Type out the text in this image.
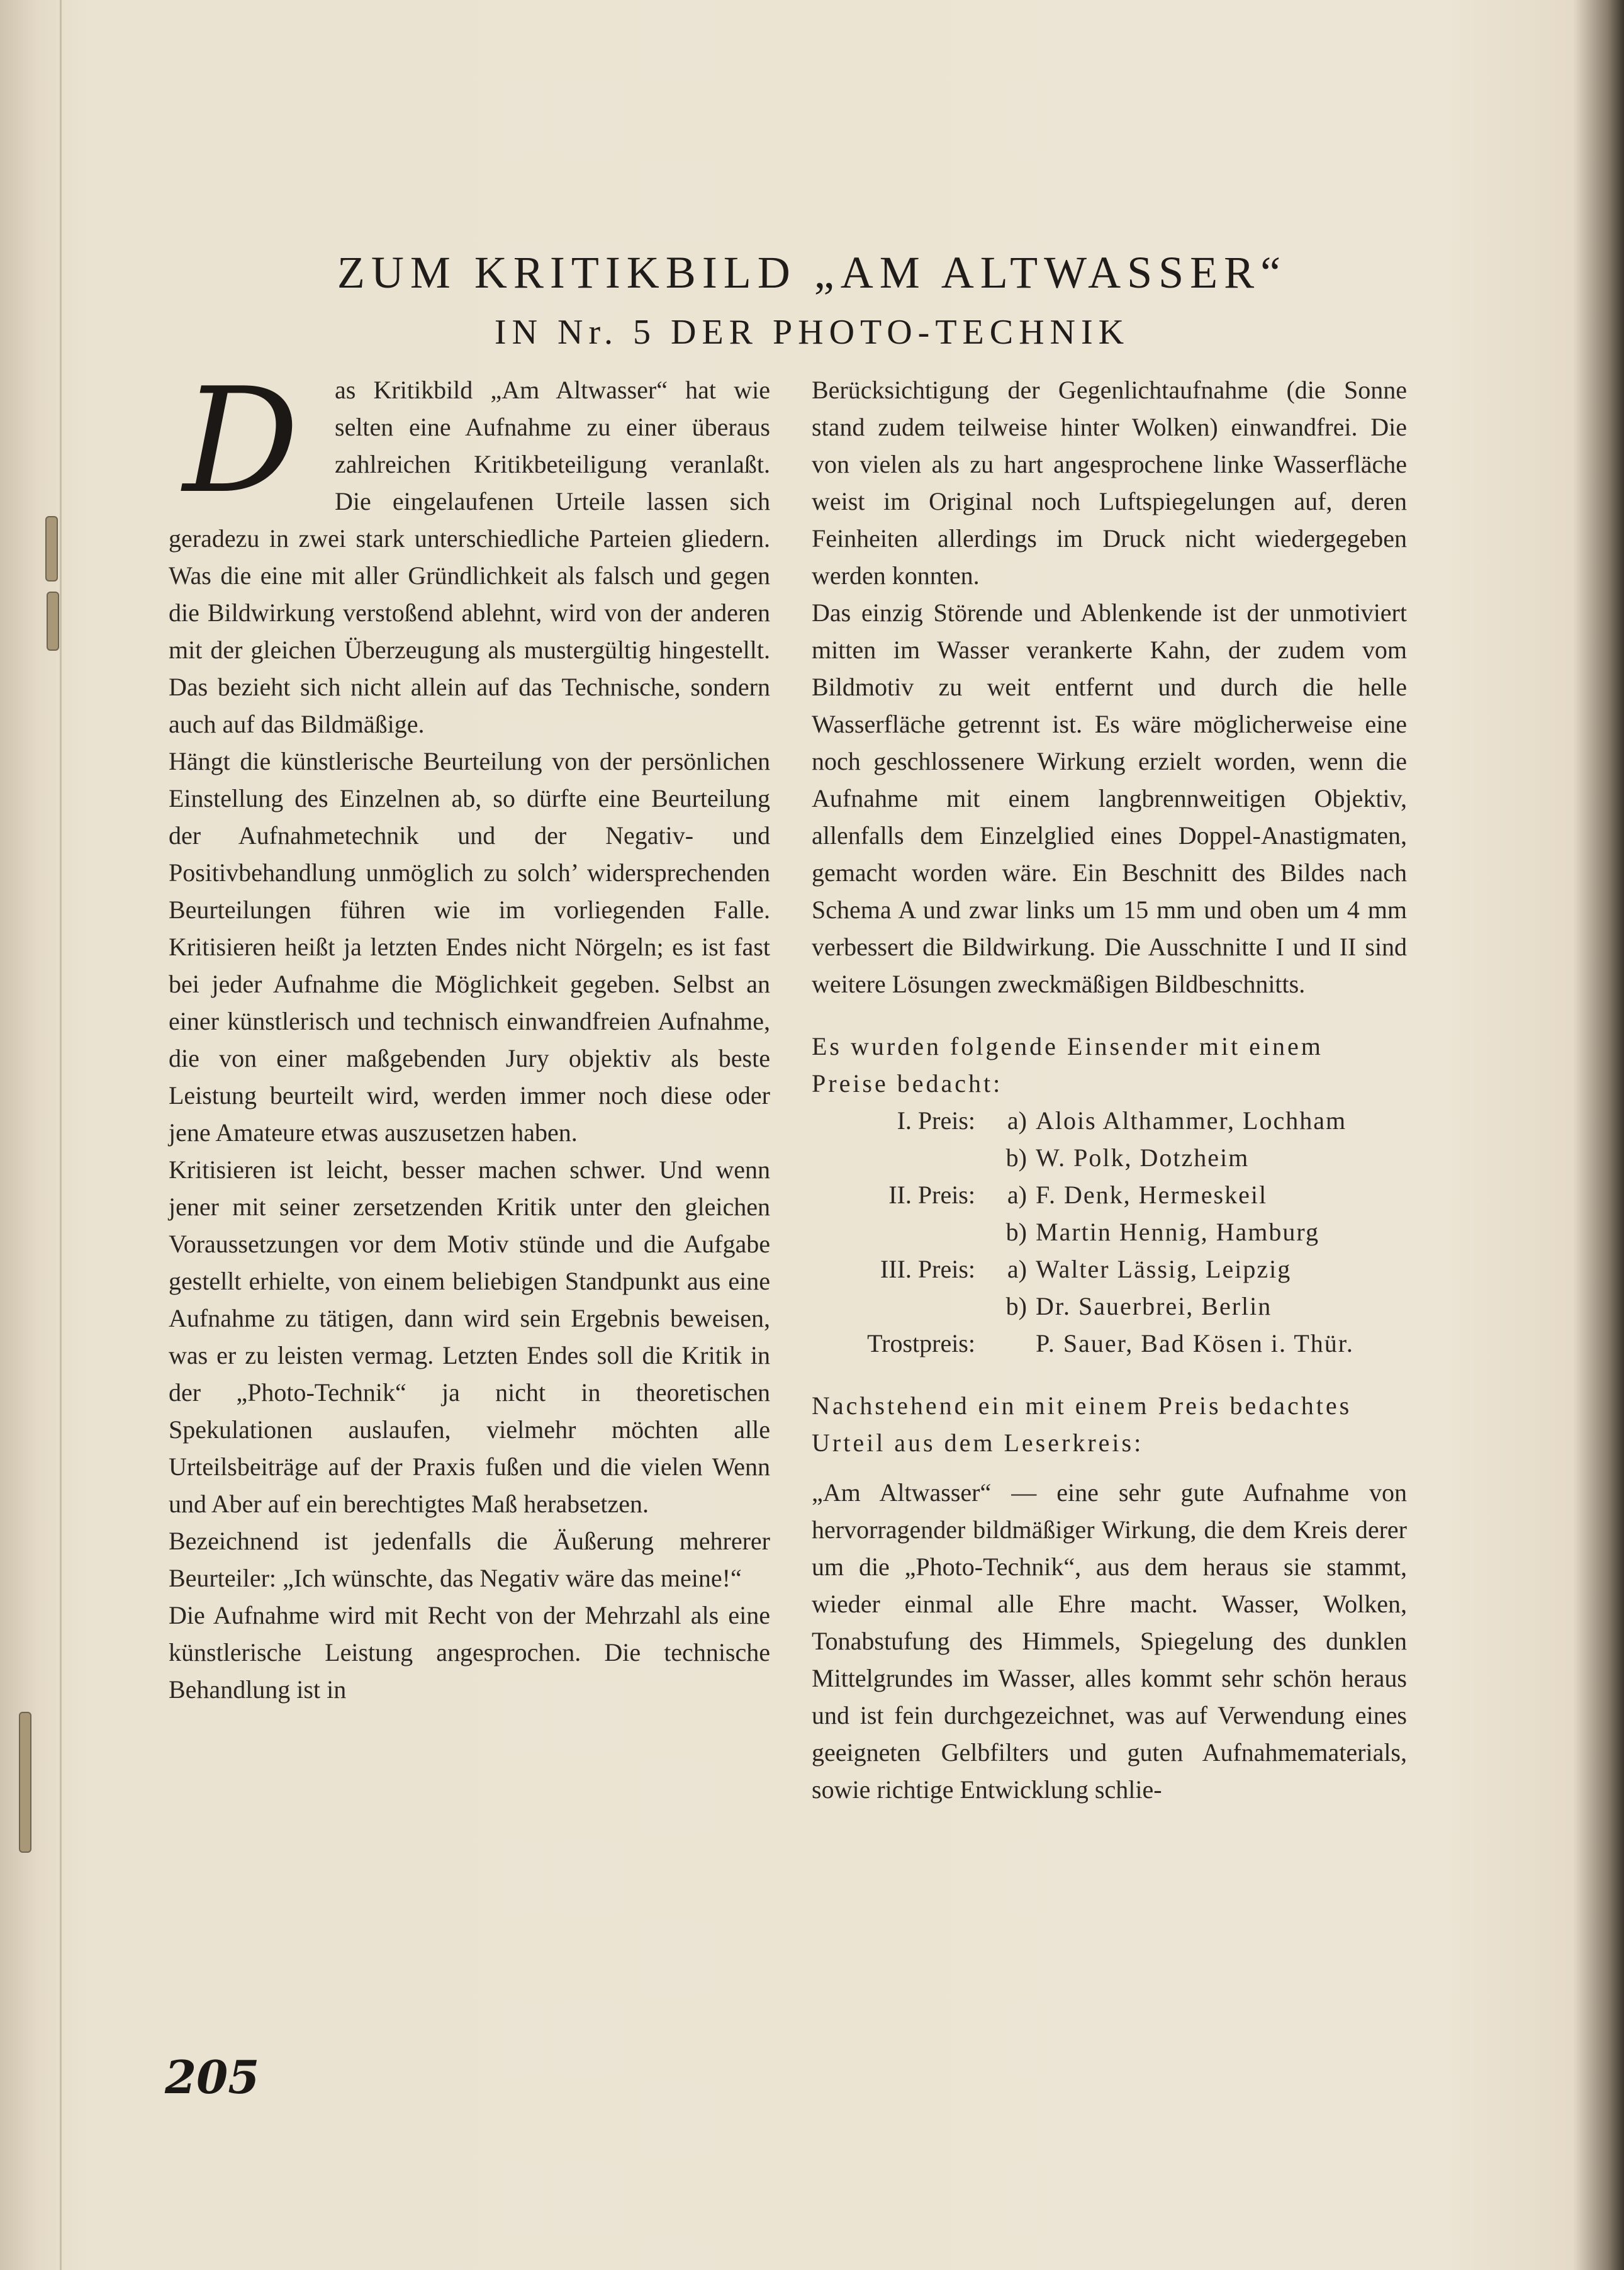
ZUM KRITIKBILD „AM ALTWASSER“
IN Nr. 5 DER PHOTO-TECHNIK

D	as Kritikbild „Am Altwasser“ hat wie selten eine Aufnahme zu einer überaus zahlreichen Kritikbeteiligung veranlaßt. Die eingelaufenen Urteile lassen sich geradezu in zwei stark unterschiedliche Parteien gliedern. Was die eine mit aller Gründlichkeit als falsch und gegen die Bildwirkung verstoßend ablehnt, wird von der anderen mit der gleichen Überzeugung als mustergültig hingestellt. Das bezieht sich nicht allein auf das Technische, sondern auch auf das Bildmäßige.

Hängt die künstlerische Beurteilung von der persönlichen Einstellung des Einzelnen ab, so dürfte eine Beurteilung der Aufnahmetechnik und der Negativ- und Positivbehandlung unmöglich zu solch’ widersprechenden Beurteilungen führen wie im vorliegenden Falle. Kritisieren heißt ja letzten Endes nicht Nörgeln; es ist fast bei jeder Aufnahme die Möglichkeit gegeben. Selbst an einer künstlerisch und technisch einwandfreien Aufnahme, die von einer maßgebenden Jury objektiv als beste Leistung beurteilt wird, werden immer noch diese oder jene Amateure etwas auszusetzen haben.

Kritisieren ist leicht, besser machen schwer. Und wenn jener mit seiner zersetzenden Kritik unter den gleichen Voraussetzungen vor dem Motiv stünde und die Aufgabe gestellt erhielte, von einem beliebigen Standpunkt aus eine Aufnahme zu tätigen, dann wird sein Ergebnis beweisen, was er zu leisten vermag. Letzten Endes soll die Kritik in der „Photo-Technik“ ja nicht in theoretischen Spekulationen auslaufen, vielmehr möchten alle Urteilsbeiträge auf der Praxis fußen und die vielen Wenn und Aber auf ein berechtigtes Maß herabsetzen.

Bezeichnend ist jedenfalls die Äußerung mehrerer Beurteiler: „Ich wünschte, das Negativ wäre das meine!“

Die Aufnahme wird mit Recht von der Mehrzahl als eine künstlerische Leistung angesprochen. Die technische Behandlung ist in

Berücksichtigung der Gegenlichtaufnahme (die Sonne stand zudem teilweise hinter Wolken) einwandfrei. Die von vielen als zu hart angesprochene linke Wasserfläche weist im Original noch Luftspiegelungen auf, deren Feinheiten allerdings im Druck nicht wiedergegeben werden konnten.

Das einzig Störende und Ablenkende ist der unmotiviert mitten im Wasser verankerte Kahn, der zudem vom Bildmotiv zu weit entfernt und durch die helle Wasserfläche getrennt ist. Es wäre möglicherweise eine noch geschlossenere Wirkung erzielt worden, wenn die Aufnahme mit einem langbrennweitigen Objektiv, allenfalls dem Einzelglied eines Doppel-Anastigmaten, gemacht worden wäre. Ein Beschnitt des Bildes nach Schema A und zwar links um 15 mm und oben um 4 mm verbessert die Bildwirkung. Die Ausschnitte I und II sind weitere Lösungen zweckmäßigen Bildbeschnitts.

Es wurden folgende Einsender mit einem Preise bedacht:

I. Preis:	a)	Alois Althammer, Lochham
	b)	W. Polk, Dotzheim
II. Preis:	a)	F. Denk, Hermeskeil
	b)	Martin Hennig, Hamburg
III. Preis:	a)	Walter Lässig, Leipzig
	b)	Dr. Sauerbrei, Berlin
Trostpreis:		P. Sauer, Bad Kösen i. Thür.

Nachstehend ein mit einem Preis bedachtes Urteil aus dem Leserkreis:

„Am Altwasser“ — eine sehr gute Aufnahme von hervorragender bildmäßiger Wirkung, die dem Kreis derer um die „Photo-Technik“, aus dem heraus sie stammt, wieder einmal alle Ehre macht. Wasser, Wolken, Tonabstufung des Himmels, Spiegelung des dunklen Mittelgrundes im Wasser, alles kommt sehr schön heraus und ist fein durchgezeichnet, was auf Verwendung eines geeigneten Gelbfilters und guten Aufnahmematerials, sowie richtige Entwicklung schlie-

205
